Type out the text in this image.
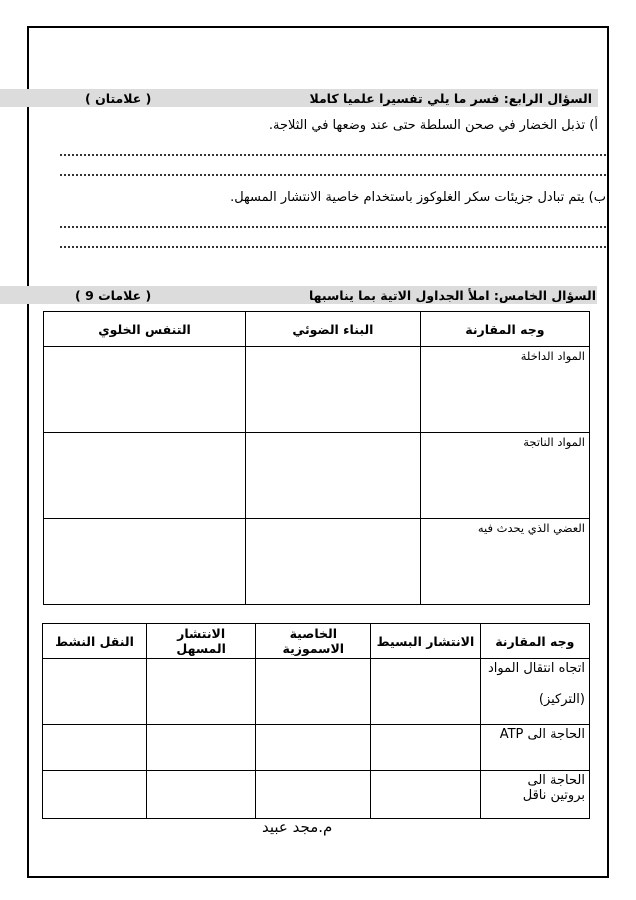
السؤال الرابع: فسر ما يلي تفسيرا علميا كاملا
( علامتان )
أ) تذبل الخضار في صحن السلطة حتى عند وضعها في الثلاجة.
ب) يتم تبادل جزيئات سكر الغلوكوز باستخدام خاصية الانتشار المسهل.
السؤال الخامس: املأ الجداول الاتية بما يناسبها
( 9 علامات )
وجه المقارنة	البناء الضوئي	التنفس الخلوي
المواد الداخلة		
المواد الناتجة		
العضي الذي يحدث فيه		
وجه المقارنة	الانتشار البسيط	الخاصية الاسموزية	الانتشار المسهل	النقل النشط

اتجاه انتقال المواد
(التركيز)				

الحاجة الى ATP				

الحاجة الى
بروتين ناقل				

م.مجد عبيد
